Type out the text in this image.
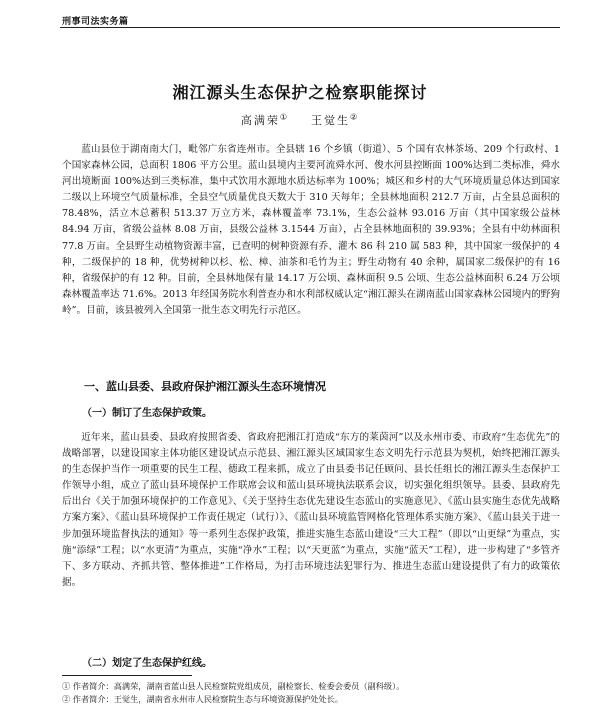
刑事司法实务篇
湘江源头生态保护之检察职能探讨
高满荣① 王觉生②

蓝山县位于湖南南大门，毗邻广东省连州市。全县辖 16 个乡镇（街道）、5 个国有农林茶场、209 个行政村、1 个国家森林公园，总面积 1806 平方公里。蓝山县境内主要河流舜水河、俊水河县控断面 100%达到二类标准，舜水河出境断面 100%达到三类标准，集中式饮用水源地水质达标率为 100%；城区和乡村的大气环境质量总体达到国家二级以上环境空气质量标准，全县空气质量优良天数大于 310 天每年；全县林地面积 212.7 万亩，占全县总面积的 78.48%，活立木总蓄积 513.37 万立方米，森林覆盖率 73.1%，生态公益林 93.016 万亩（其中国家级公益林 84.94 万亩，省级公益林 8.08 万亩，县级公益林 3.1544 万亩），占全县林地面积的 39.93%；全县有中幼林面积 77.8 万亩。全县野生动植物资源丰富，已查明的树种资源有乔、灌木 86 科 210 属 583 种，其中国家一级保护的 4 种，二级保护的 18 种，优势树种以杉、松、樟、油茶和毛竹为主；野生动物有 40 余种，属国家二级保护的有 16 种，省级保护的有 12 种。目前，全县林地保有量 14.17 万公顷、森林面积 9.5 公顷、生态公益林面积 6.24 万公顷森林覆盖率达 71.6%。2013 年经国务院水利普查办和水利部权威认定“湘江源头在湖南蓝山国家森林公园境内的野狗岭”。目前，该县被列入全国第一批生态文明先行示范区。

一、蓝山县委、县政府保护湘江源头生态环境情况
（一）制订了生态保护政策。

近年来，蓝山县委、县政府按照省委、省政府把湘江打造成“东方的莱茵河”以及永州市委、市政府“生态优先”的战略部署，以建设国家主体功能区建设试点示范县、湘江源头区域国家生态文明先行示范县为契机，始终把湘江源头的生态保护当作一项重要的民生工程、德政工程来抓，成立了由县委书记任顾问、县长任组长的湘江源头生态保护工作领导小组，成立了蓝山县环境保护工作联席会议和蓝山县环境执法联系会议，切实强化组织领导。县委、县政府先后出台《关于加强环境保护的工作意见》、《关于坚持生态优先建设生态蓝山的实施意见》、《蓝山县实施生态优先战略方案方案》、《蓝山县环境保护工作责任规定（试行）》、《蓝山县环境监管网格化管理体系实施方案》、《蓝山县关于进一步加强环境监督执法的通知》等一系列生态保护政策，推进实施生态蓝山建设“三大工程”（即以“山更绿”为重点，实施“添绿”工程；以“水更清”为重点，实施“净水”工程；以“天更蓝”为重点，实施“蓝天”工程），进一步构建了“多管齐下、多方联动、齐抓共管、整体推进”工作格局，为打击环境违法犯罪行为、推进生态蓝山建设提供了有力的政策依据。

（二）划定了生态保护红线。
① 作者简介：高满荣，湖南省蓝山县人民检察院党组成员，副检察长、检委会委员（副科级）。
② 作者简介：王觉生，湖南省永州市人民检察院生态与环境资源保护处处长。
